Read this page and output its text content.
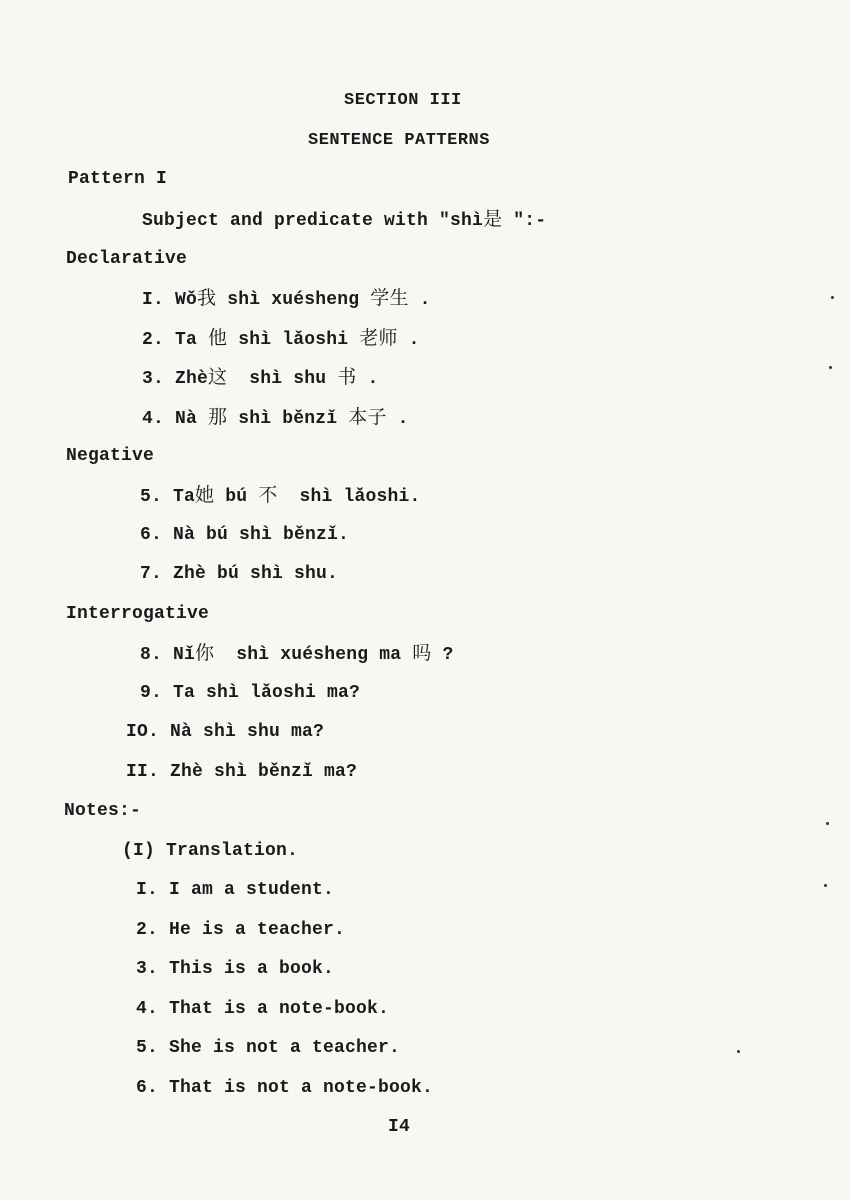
SECTION III
SENTENCE PATTERNS
Pattern I
Subject and predicate with "shì是 ":-
Declarative
I. Wǒ我 shì xuésheng 学生 .
2. Ta 他 shì lǎoshi 老师 .
3. Zhè这  shì shu 书 .
4. Nà 那 shì běnzǐ 本子 .
Negative
5. Ta她 bú 不  shì lǎoshi.
6. Nà bú shì běnzǐ.
7. Zhè bú shì shu.
Interrogative
8. Nǐ你  shì xuésheng ma 吗 ?
9. Ta shì lǎoshi ma?
IO. Nà shì shu ma?
II. Zhè shì běnzǐ ma?
Notes:-
(I) Translation.
I. I am a student.
2. He is a teacher.
3. This is a book.
4. That is a note-book.
5. She is not a teacher.
6. That is not a note-book.
I4
